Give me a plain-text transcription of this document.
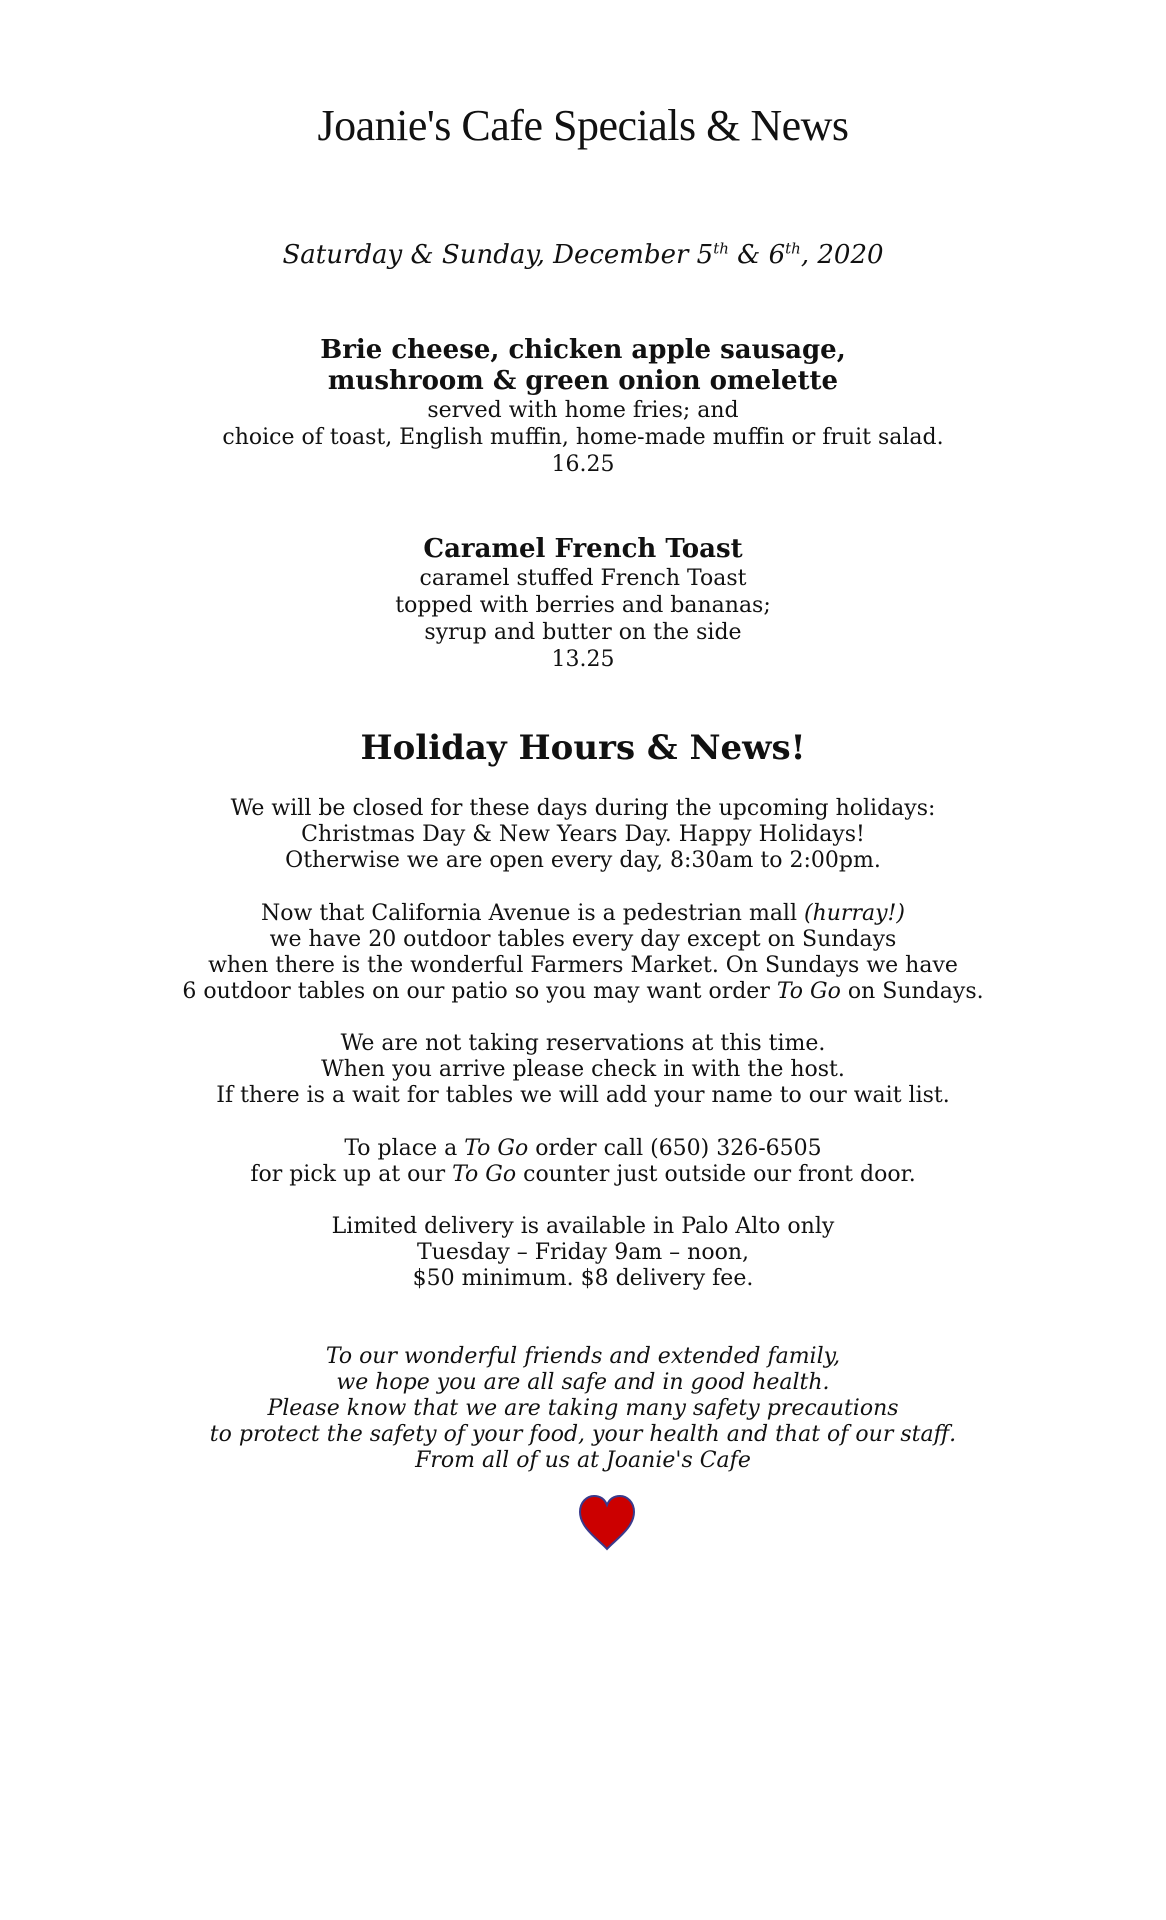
Joanie's Cafe Specials & News
Saturday & Sunday, December 5th & 6th, 2020
Brie cheese, chicken apple sausage,
mushroom & green onion omelette
served with home fries; and
choice of toast, English muffin, home-made muffin or fruit salad.
16.25
Caramel French Toast
caramel stuffed French Toast
topped with berries and bananas;
syrup and butter on the side
13.25
Holiday Hours & News!
We will be closed for these days during the upcoming holidays:
Christmas Day & New Years Day. Happy Holidays!
Otherwise we are open every day, 8:30am to 2:00pm.
Now that California Avenue is a pedestrian mall (hurray!)
we have 20 outdoor tables every day except on Sundays
when there is the wonderful Farmers Market. On Sundays we have
6 outdoor tables on our patio so you may want order To Go on Sundays.
We are not taking reservations at this time.
When you arrive please check in with the host.
If there is a wait for tables we will add your name to our wait list.
To place a To Go order call (650) 326-6505
for pick up at our To Go counter just outside our front door.
Limited delivery is available in Palo Alto only
Tuesday – Friday 9am – noon,
$50 minimum. $8 delivery fee.
To our wonderful friends and extended family,
we hope you are all safe and in good health.
Please know that we are taking many safety precautions
to protect the safety of your food, your health and that of our staff.
From all of us at Joanie's Cafe
